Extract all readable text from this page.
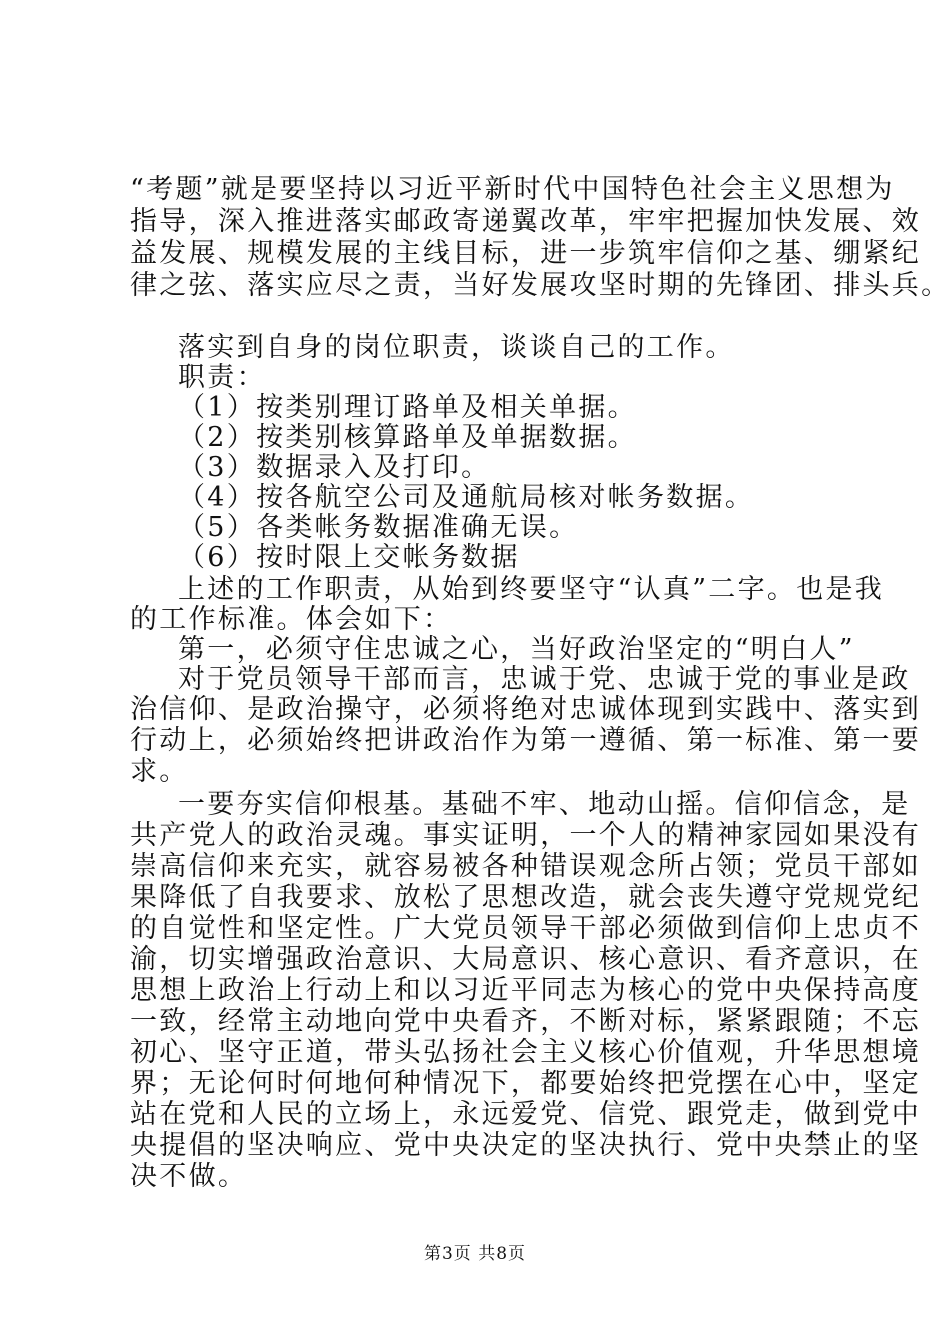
“考题”就是要坚持以习近平新时代中国特色社会主义思想为
指导，深入推进落实邮政寄递翼改革，牢牢把握加快发展、效
益发展、规模发展的主线目标，进一步筑牢信仰之基、绷紧纪
律之弦、落实应尽之责，当好发展攻坚时期的先锋团、排头兵。
落实到自身的岗位职责，谈谈自己的工作。
职责：
（1）按类别理订路单及相关单据。
（2）按类别核算路单及单据数据。
（3）数据录入及打印。
（4）按各航空公司及通航局核对帐务数据。
（5）各类帐务数据准确无误。
（6）按时限上交帐务数据
上述的工作职责，从始到终要坚守“认真”二字。也是我
的工作标准。体会如下：
第一，必须守住忠诚之心，当好政治坚定的“明白人”
对于党员领导干部而言，忠诚于党、忠诚于党的事业是政
治信仰、是政治操守，必须将绝对忠诚体现到实践中、落实到
行动上，必须始终把讲政治作为第一遵循、第一标准、第一要
求。
一要夯实信仰根基。基础不牢、地动山摇。信仰信念，是
共产党人的政治灵魂。事实证明，一个人的精神家园如果没有
崇高信仰来充实，就容易被各种错误观念所占领；党员干部如
果降低了自我要求、放松了思想改造，就会丧失遵守党规党纪
的自觉性和坚定性。广大党员领导干部必须做到信仰上忠贞不
渝，切实增强政治意识、大局意识、核心意识、看齐意识，在
思想上政治上行动上和以习近平同志为核心的党中央保持高度
一致，经常主动地向党中央看齐，不断对标，紧紧跟随；不忘
初心、坚守正道，带头弘扬社会主义核心价值观，升华思想境
界；无论何时何地何种情况下，都要始终把党摆在心中，坚定
站在党和人民的立场上，永远爱党、信党、跟党走，做到党中
央提倡的坚决响应、党中央决定的坚决执行、党中央禁止的坚
决不做。
第3页 共8页
